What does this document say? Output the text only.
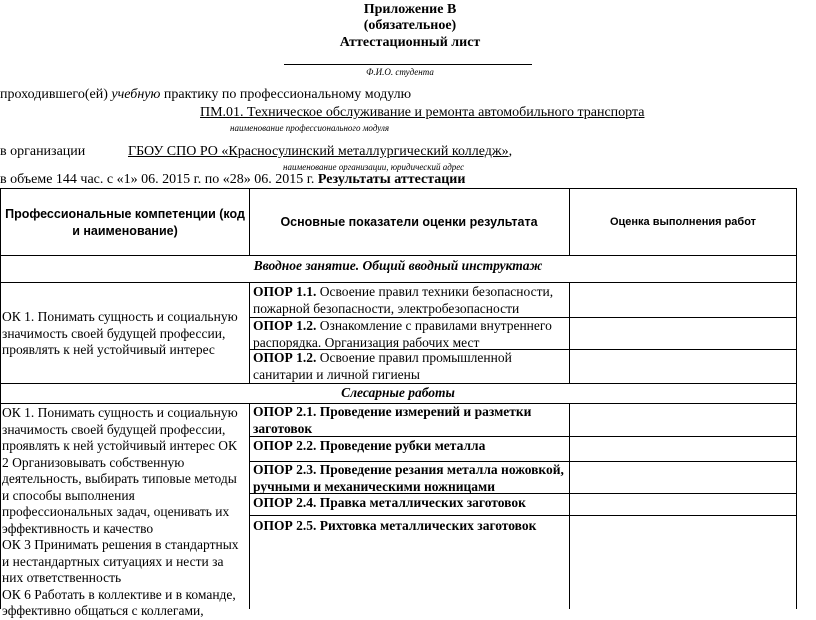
Приложение В
(обязательное)
Аттестационный лист
Ф.И.О. студента
проходившего(ей) учебную практику по профессиональному модулю
ПМ.01. Техническое обслуживание и ремонта автомобильного транспорта
наименование профессионального модуля
в организации	ГБОУ СПО РО «Красносулинский металлургический колледж»,
наименование организации, юридический адрес
в объеме 144 час. с «1» 06. 2015 г. по «28» 06. 2015 г. Результаты аттестации
Профессиональные компетенции (код и наименование)
Основные показатели оценки результата	Оценка выполнения работ
Вводное занятие. Общий вводный инструктаж
ОК 1. Понимать сущность и социальную значимость своей будущей профессии, проявлять к ней устойчивый интерес
ОПОР 1.1. Освоение правил техники безопасности, пожарной безопасности, электробезопасности
ОПОР 1.2. Ознакомление с правилами внутреннего распорядка. Организация рабочих мест
ОПОР 1.2. Освоение правил промышленной санитарии и личной гигиены
Слесарные работы
ОК 1. Понимать сущность и социальную значимость своей будущей профессии, проявлять к ней устойчивый интерес ОК 2 Организовывать собственную деятельность, выбирать типовые методы и способы выполнения профессиональных задач, оценивать их эффективность и качество
ОК 3 Принимать решения в стандартных и нестандартных ситуациях и нести за них ответственность
ОК 6 Работать в коллективе и в команде, эффективно общаться с коллегами,
ОПОР 2.1. Проведение измерений и разметки заготовок
ОПОР 2.2. Проведение рубки металла
ОПОР 2.3. Проведение резания металла ножовкой, ручными и механическими ножницами
ОПОР 2.4. Правка металлических заготовок
ОПОР 2.5. Рихтовка металлических заготовок
